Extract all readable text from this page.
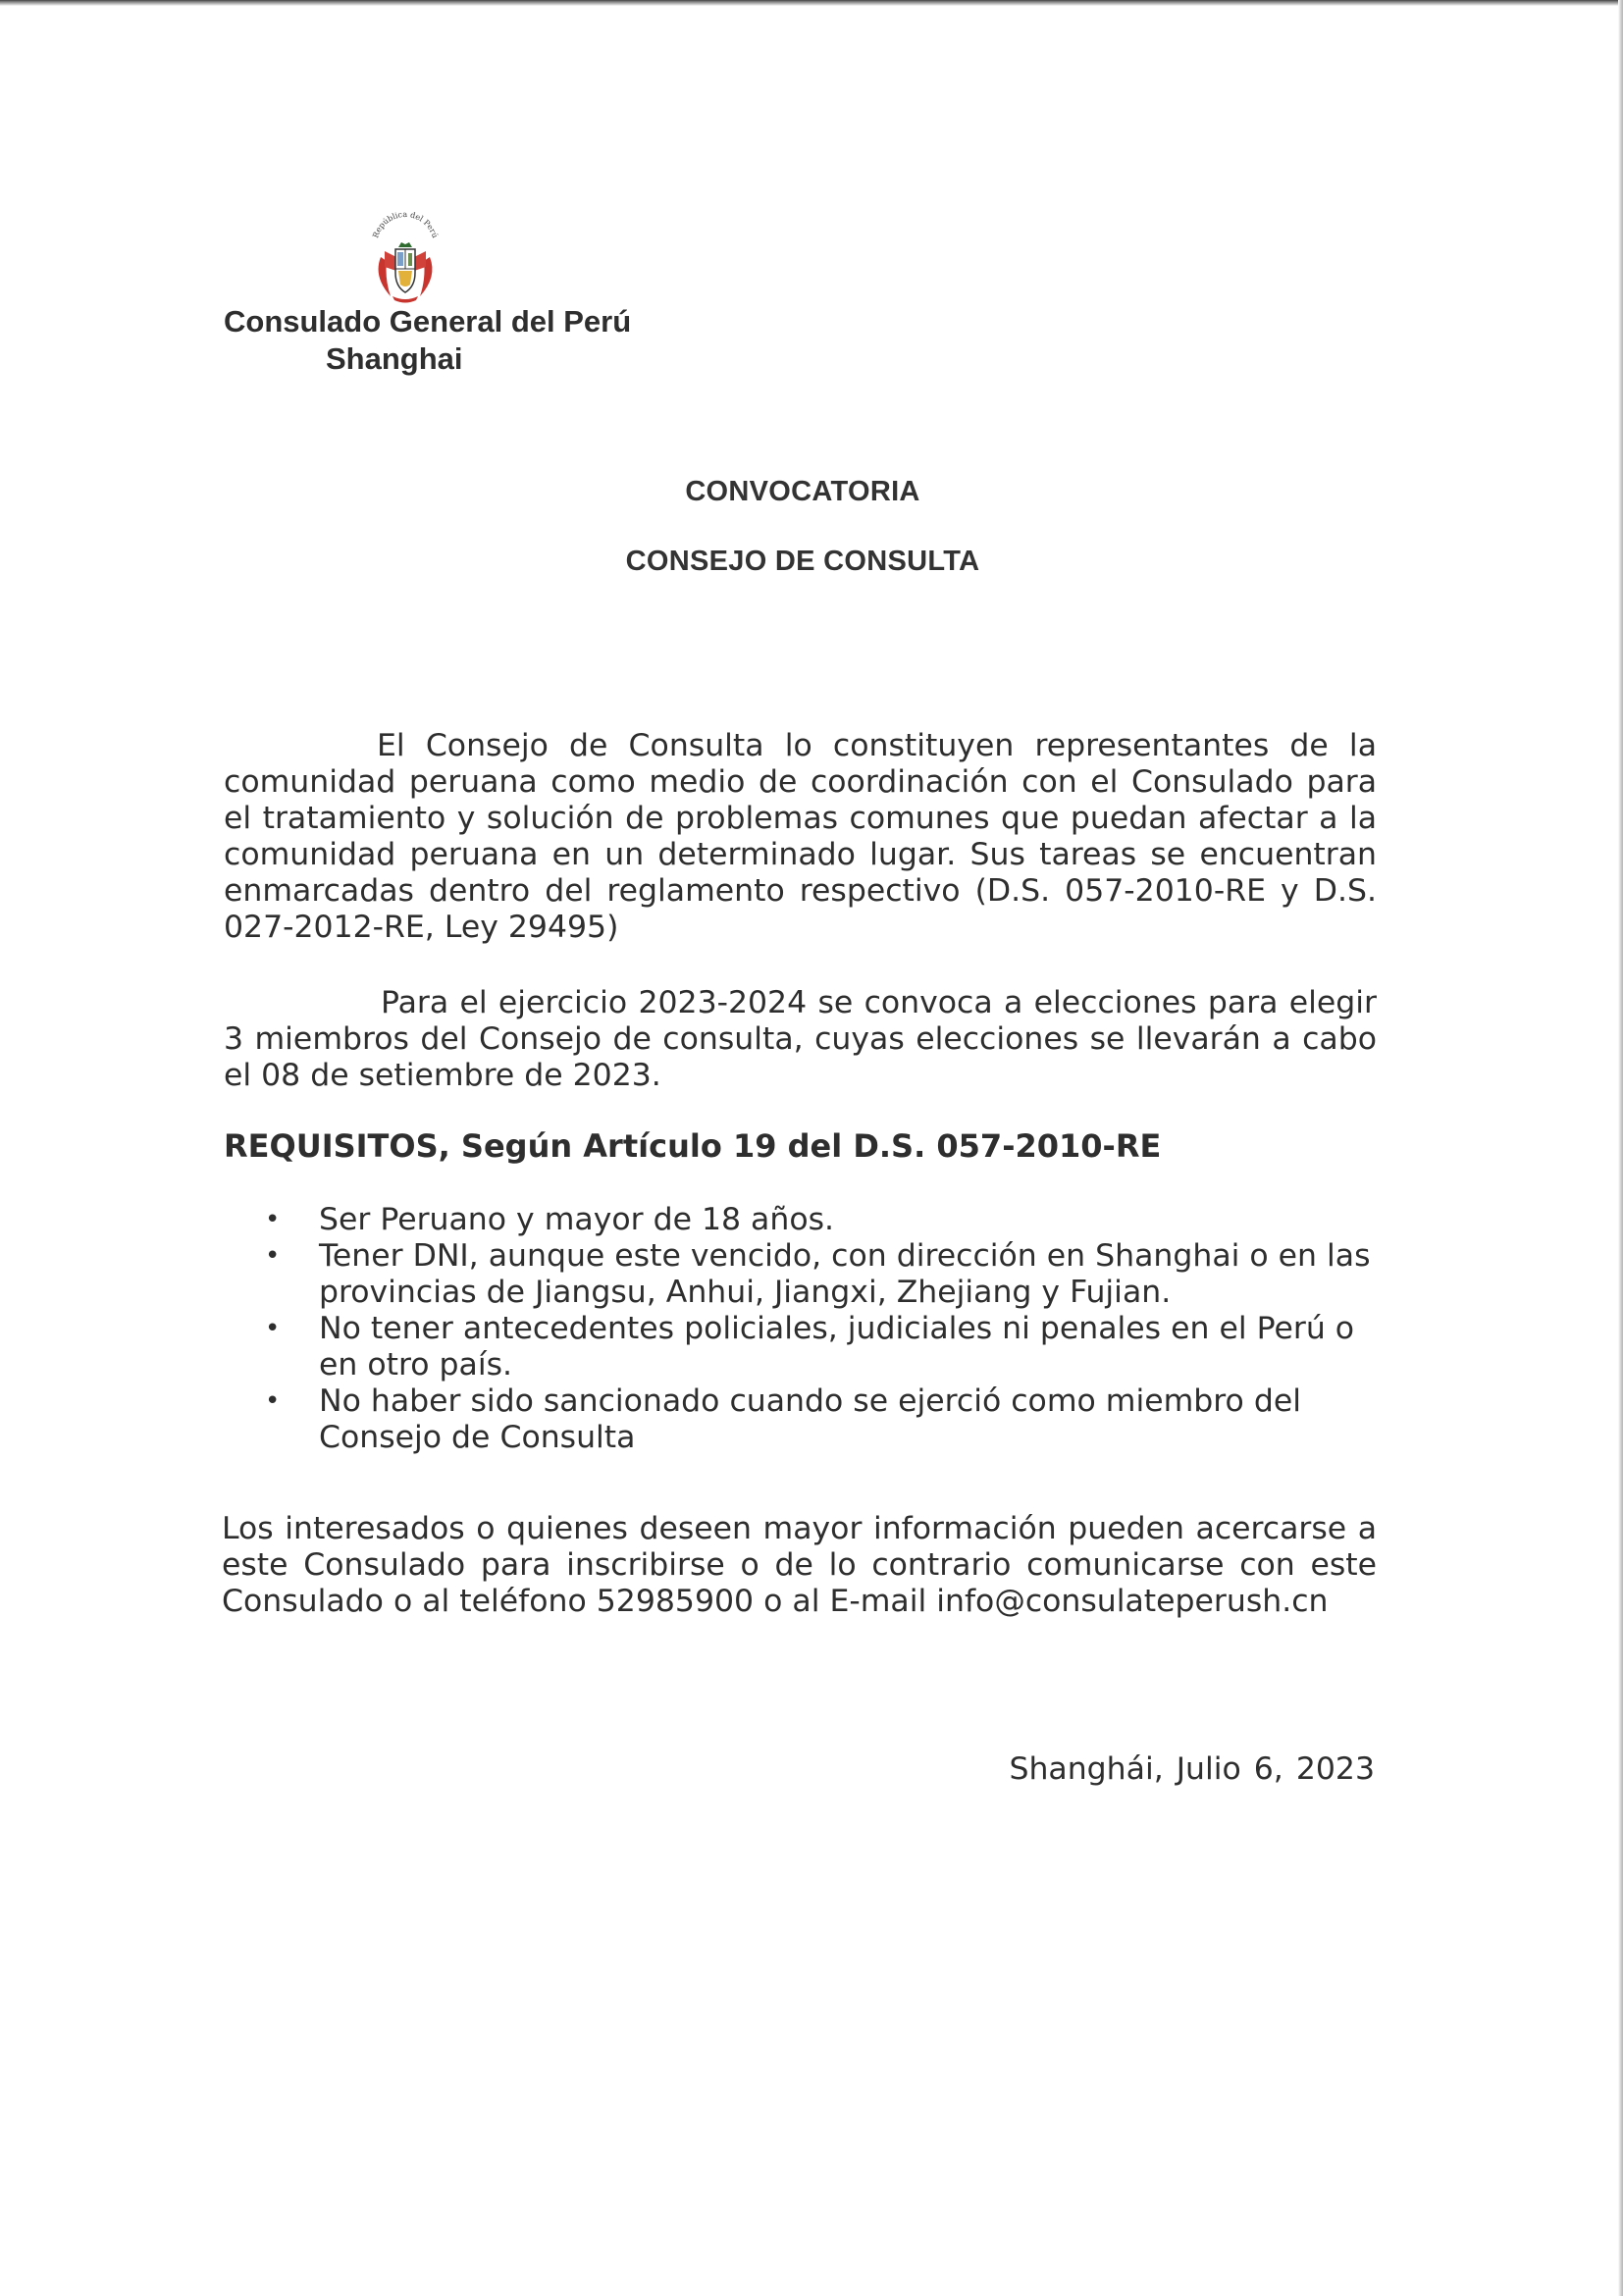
República del Perú
Consulado General del Perú
Shanghai
CONVOCATORIA
CONSEJO DE CONSULTA

El Consejo de Consulta lo constituyen representantes de la comunidad peruana como medio de coordinación con el Consulado para el tratamiento y solución de problemas comunes que puedan afectar a la comunidad peruana en un determinado lugar. Sus tareas se encuentran enmarcadas dentro del reglamento respectivo (D.S. 057-2010-RE y D.S. 027-2012-RE, Ley 29495)

Para el ejercicio 2023-2024 se convoca a elecciones para elegir 3 miembros del Consejo de consulta, cuyas elecciones se llevarán a cabo el 08 de setiembre de 2023.

REQUISITOS, Según Artículo 19 del D.S. 057-2010-RE
• Ser Peruano y mayor de 18 años.
• Tener DNI, aunque este vencido, con dirección en Shanghai o en las provincias de Jiangsu, Anhui, Jiangxi, Zhejiang y Fujian.
• No tener antecedentes policiales, judiciales ni penales en el Perú o en otro país.
• No haber sido sancionado cuando se ejerció como miembro del Consejo de Consulta

Los interesados o quienes deseen mayor información pueden acercarse a este Consulado para inscribirse o de lo contrario comunicarse con este Consulado o al teléfono 52985900 o al E-mail info@consulateperush.cn

Shanghái, Julio 6, 2023
